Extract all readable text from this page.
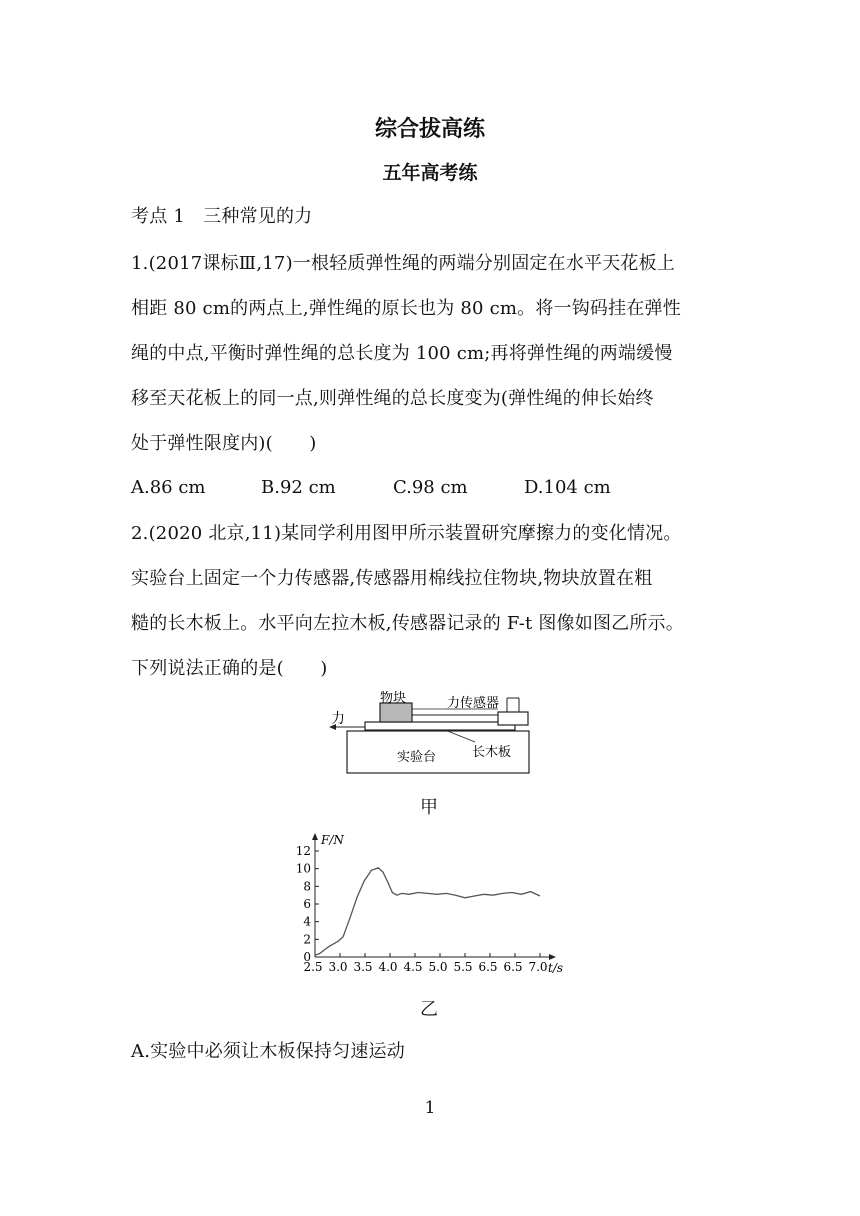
综合拔高练
五年高考练
考点 1　三种常见的力
1.(2017课标Ⅲ,17)一根轻质弹性绳的两端分别固定在水平天花板上
相距 80 cm的两点上,弹性绳的原长也为 80 cm。将一钩码挂在弹性
绳的中点,平衡时弹性绳的总长度为 100 cm;再将弹性绳的两端缓慢
移至天花板上的同一点,则弹性绳的总长度变为(弹性绳的伸长始终
处于弹性限度内)(　　)
A.86 cm	B.92 cm	C.98 cm	D.104 cm
2.(2020 北京,11)某同学利用图甲所示装置研究摩擦力的变化情况。
实验台上固定一个力传感器,传感器用棉线拉住物块,物块放置在粗
糙的长木板上。水平向左拉木板,传感器记录的 F-t 图像如图乙所示。
下列说法正确的是(　　)
物块	力传感器
力
长木板
实验台
甲
F/N
t/s
0
2
4
6
8
10
12
2.5 3.0 3.5 4.0 4.5 5.0 5.5 6.5 6.5 7.0
乙
A.实验中必须让木板保持匀速运动
1
